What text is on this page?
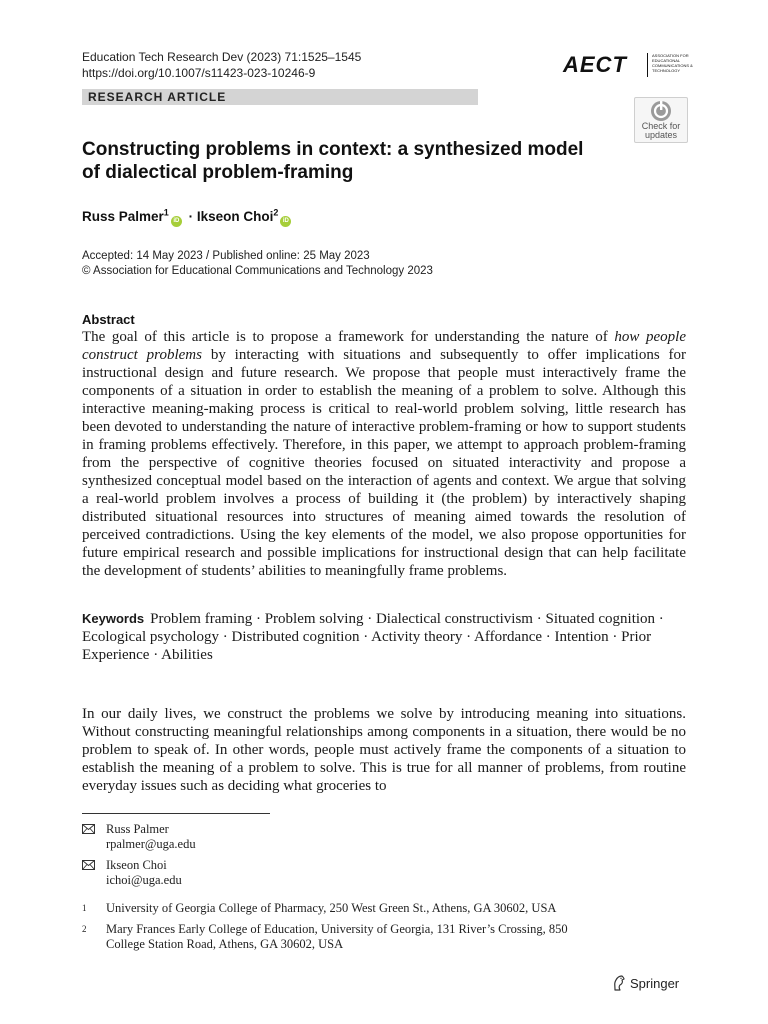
Education Tech Research Dev (2023) 71:1525–1545
https://doi.org/10.1007/s11423-023-10246-9	AECT	ASSOCIATION FOR EDUCATIONAL COMMUNICATIONS & TECHNOLOGY
RESEARCH ARTICLE
Check for
updates
Constructing problems in context: a synthesized model
of dialectical problem-framing
Russ Palmer$^1$iD · Ikseon Choi$^2$iD
Accepted: 14 May 2023 / Published online: 25 May 2023
© Association for Educational Communications and Technology 2023
Abstract
The goal of this article is to propose a framework for understanding the nature of how people construct problems by interacting with situations and subsequently to offer implications for instructional design and future research. We propose that people must interactively frame the components of a situation in order to establish the meaning of a problem to solve. Although this interactive meaning-making process is critical to real-world problem solving, little research has been devoted to understanding the nature of interactive problem-framing or how to support students in framing problems effectively. Therefore, in this paper, we attempt to approach problem-framing from the perspective of cognitive theories focused on situated interactivity and propose a synthesized conceptual model based on the interaction of agents and context. We argue that solving a real-world problem involves a process of building it (the problem) by interactively shaping distributed situational resources into structures of meaning aimed towards the resolution of perceived contradictions. Using the key elements of the model, we also propose opportunities for future empirical research and possible implications for instructional design that can help facilitate the development of students’ abilities to meaningfully frame problems.
Keywords Problem framing · Problem solving · Dialectical constructivism · Situated cognition · Ecological psychology · Distributed cognition · Activity theory · Affordance · Intention · Prior Experience · Abilities
In our daily lives, we construct the problems we solve by introducing meaning into situations. Without constructing meaningful relationships among components in a situation, there would be no problem to speak of. In other words, people must actively frame the components of a situation to establish the meaning of a problem to solve. This is true for all manner of problems, from routine everyday issues such as deciding what groceries to
Russ Palmer
rpalmer@uga.edu
Ikseon Choi
ichoi@uga.edu
1 University of Georgia College of Pharmacy, 250 West Green St., Athens, GA 30602, USA
2 Mary Frances Early College of Education, University of Georgia, 131 River’s Crossing, 850
College Station Road, Athens, GA 30602, USA
Springer
